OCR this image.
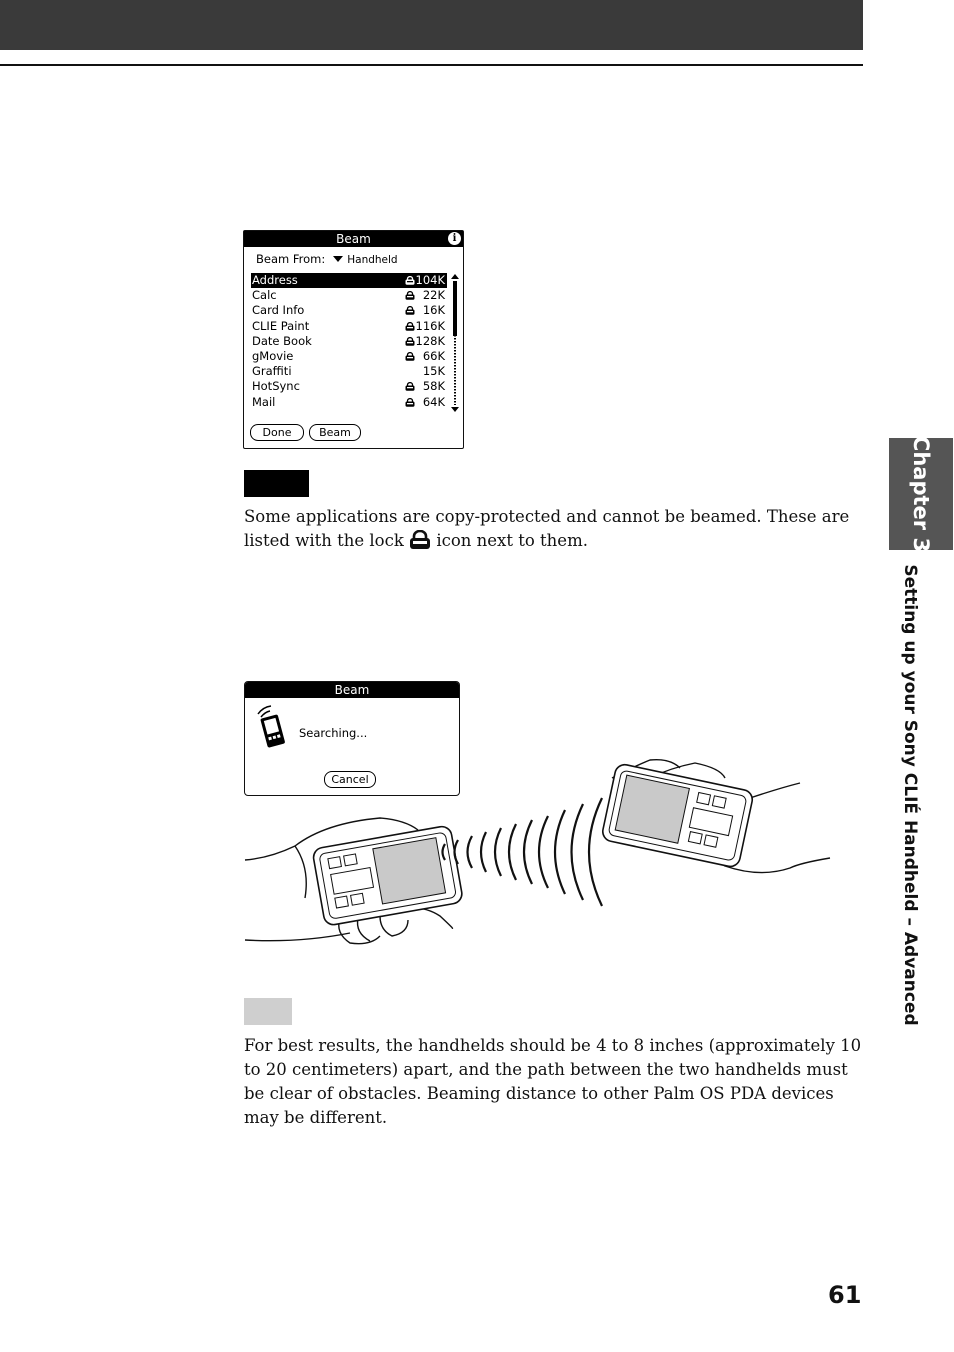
Chapter 3
Setting up your Sony CLIÉ Handheld – Advanced
Beam	i
Beam From: Handheld
Address	104K
Calc	22K
Card Info	16K
CLIE Paint	116K
Date Book	128K
gMovie	66K
Graffiti	15K
HotSync	58K
Mail	64K
Done	Beam
Some applications are copy-protected and cannot be beamed. These are listed with the lock icon next to them.
Beam
Searching...
Cancel
For best results, the handhelds should be 4 to 8 inches (approximately 10 to 20 centimeters) apart, and the path between the two handhelds must be clear of obstacles. Beaming distance to other Palm OS PDA devices may be different.
61
